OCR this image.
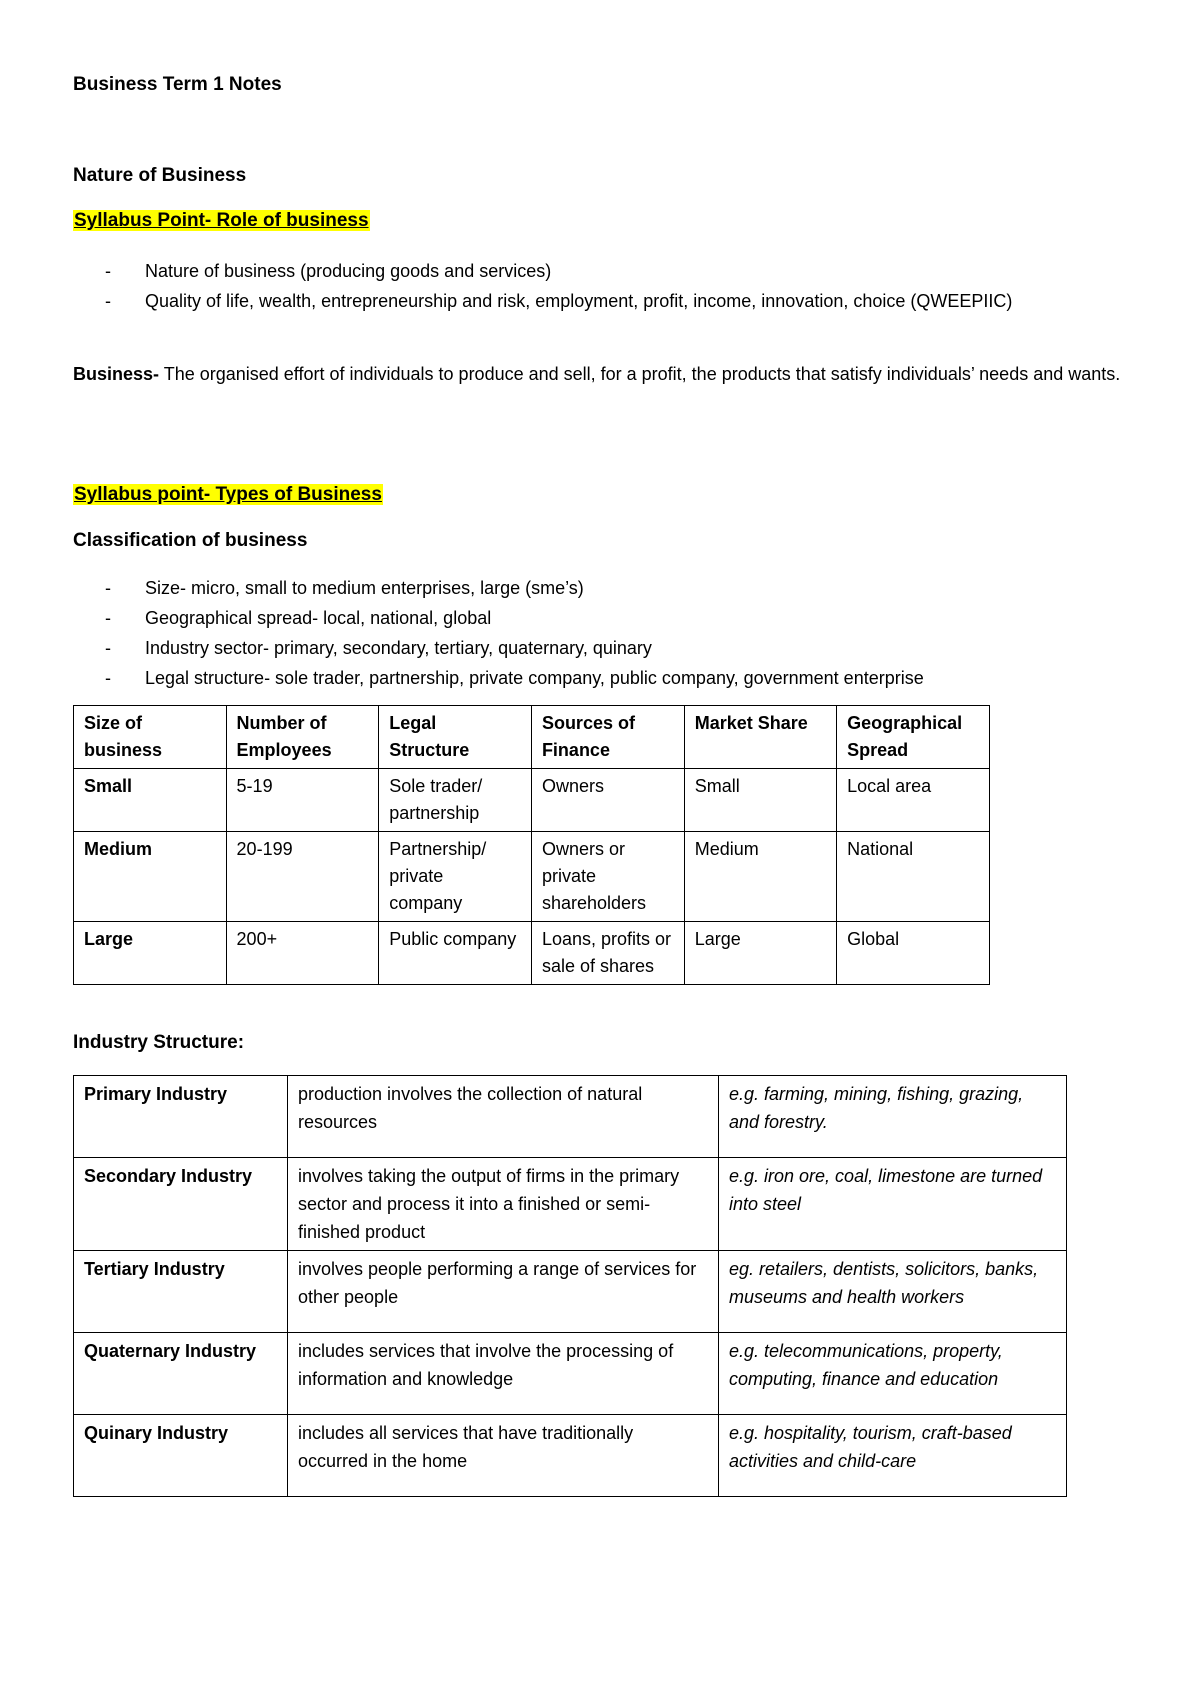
Business Term 1 Notes
Nature of Business
Syllabus Point- Role of business
- Nature of business (producing goods and services)
- Quality of life, wealth, entrepreneurship and risk, employment, profit, income, innovation, choice (QWEEPIIC)
Business- The organised effort of individuals to produce and sell, for a profit, the products that satisfy individuals’ needs and wants.
Syllabus point- Types of Business
Classification of business
- Size- micro, small to medium enterprises, large (sme’s)
- Geographical spread- local, national, global
- Industry sector- primary, secondary, tertiary, quaternary, quinary
- Legal structure- sole trader, partnership, private company, public company, government enterprise
Size of business	Number of Employees	Legal Structure	Sources of Finance	Market Share	Geographical Spread
Small	5-19	Sole trader/ partnership	Owners	Small	Local area
Medium	20-199	Partnership/ private company	Owners or private shareholders	Medium	National
Large	200+	Public company	Loans, profits or sale of shares	Large	Global
Industry Structure:
Primary Industry	production involves the collection of natural resources	e.g. farming, mining, fishing, grazing, and forestry.
Secondary Industry	involves taking the output of firms in the primary sector and process it into a finished or semi-finished product	e.g. iron ore, coal, limestone are turned into steel
Tertiary Industry	involves people performing a range of services for other people	eg. retailers, dentists, solicitors, banks, museums and health workers
Quaternary Industry	includes services that involve the processing of information and knowledge	e.g. telecommunications, property, computing, finance and education
Quinary Industry	includes all services that have traditionally occurred in the home	e.g. hospitality, tourism, craft-based activities and child-care
